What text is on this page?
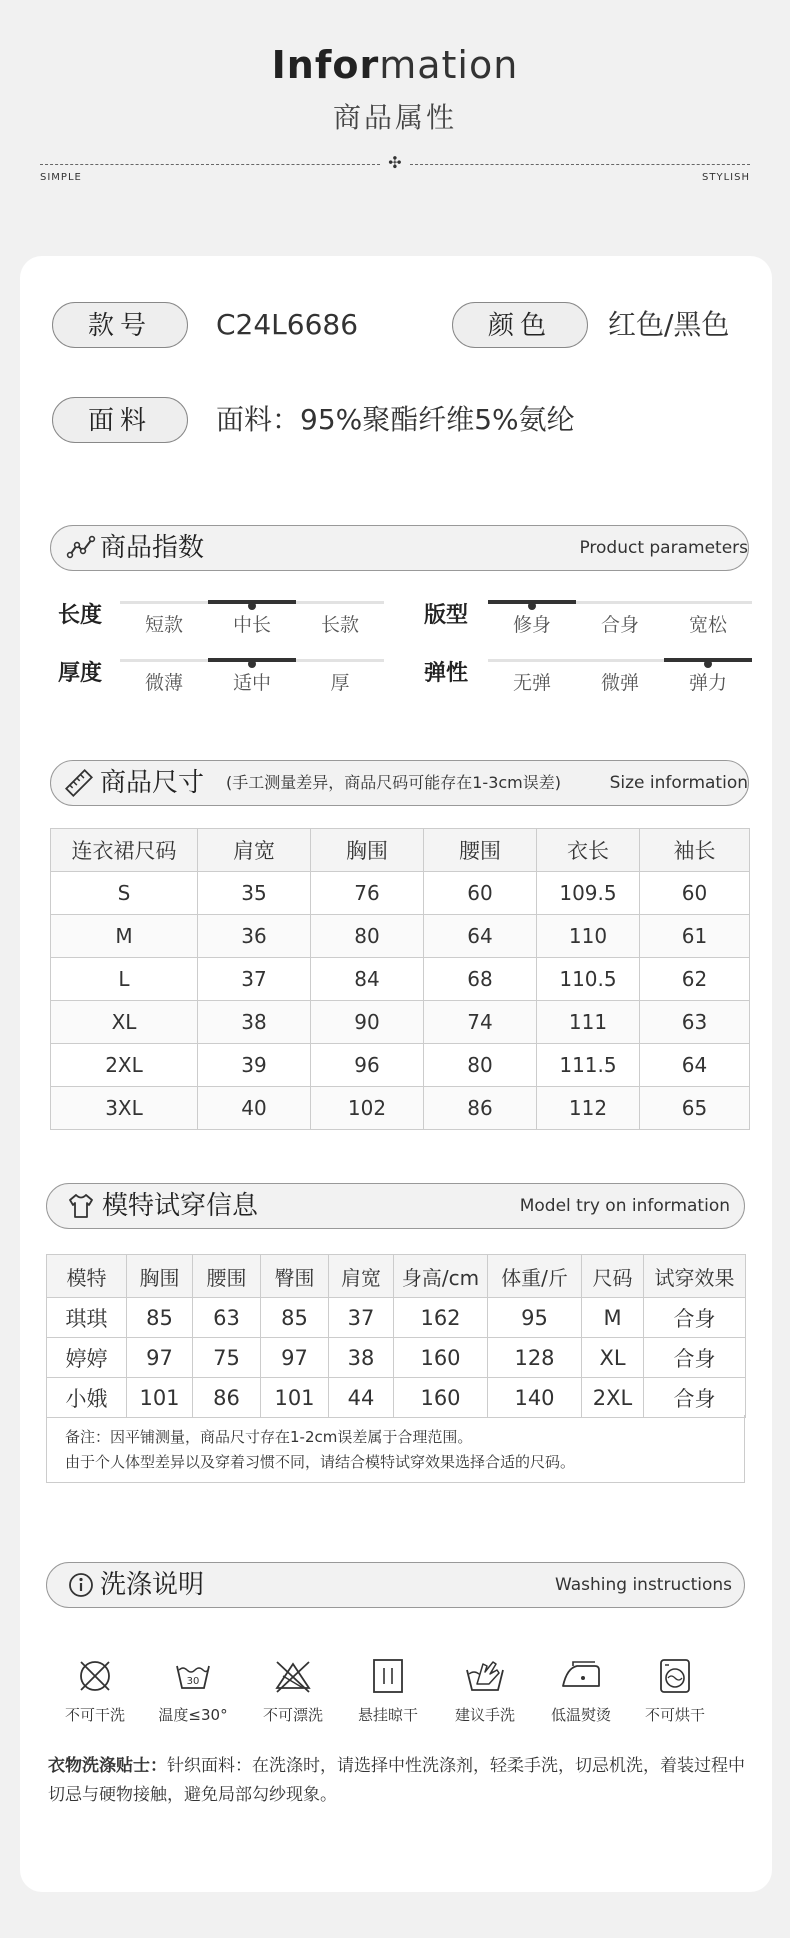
Information
商品属性
✣
SIMPLE	STYLISH
款号	C24L6686	颜色	红色/黑色
面料	面料：95%聚酯纤维5%氨纶
商品指数	Product parameters
长度	短款	中长	长款	版型	修身	合身	宽松
厚度	微薄	适中	厚	弹性	无弹	微弹	弹力
商品尺寸 (手工测量差异，商品尺码可能存在1-3cm误差)	Size information
连衣裙尺码	肩宽	胸围	腰围	衣长	袖长
S	35	76	60	109.5	60
M	36	80	64	110	61
L	37	84	68	110.5	62
XL	38	90	74	111	63
2XL	39	96	80	111.5	64
3XL	40	102	86	112	65
模特试穿信息	Model try on information
模特	胸围	腰围	臀围	肩宽	身高/cm	体重/斤	尺码	试穿效果
琪琪	85	63	85	37	162	95	M	合身
婷婷	97	75	97	38	160	128	XL	合身
小娥	101	86	101	44	160	140	2XL	合身
备注：因平铺测量，商品尺寸存在1-2cm误差属于合理范围。
由于个人体型差异以及穿着习惯不同，请结合模特试穿效果选择合适的尺码。
洗涤说明	Washing instructions
不可干洗
30
温度≤30°	不可漂洗	悬挂晾干	建议手洗	低温熨烫	不可烘干
衣物洗涤贴士：针织面料：在洗涤时，请选择中性洗涤剂，轻柔手洗，切忌机洗，着装过程中切忌与硬物接触，避免局部勾纱现象。
